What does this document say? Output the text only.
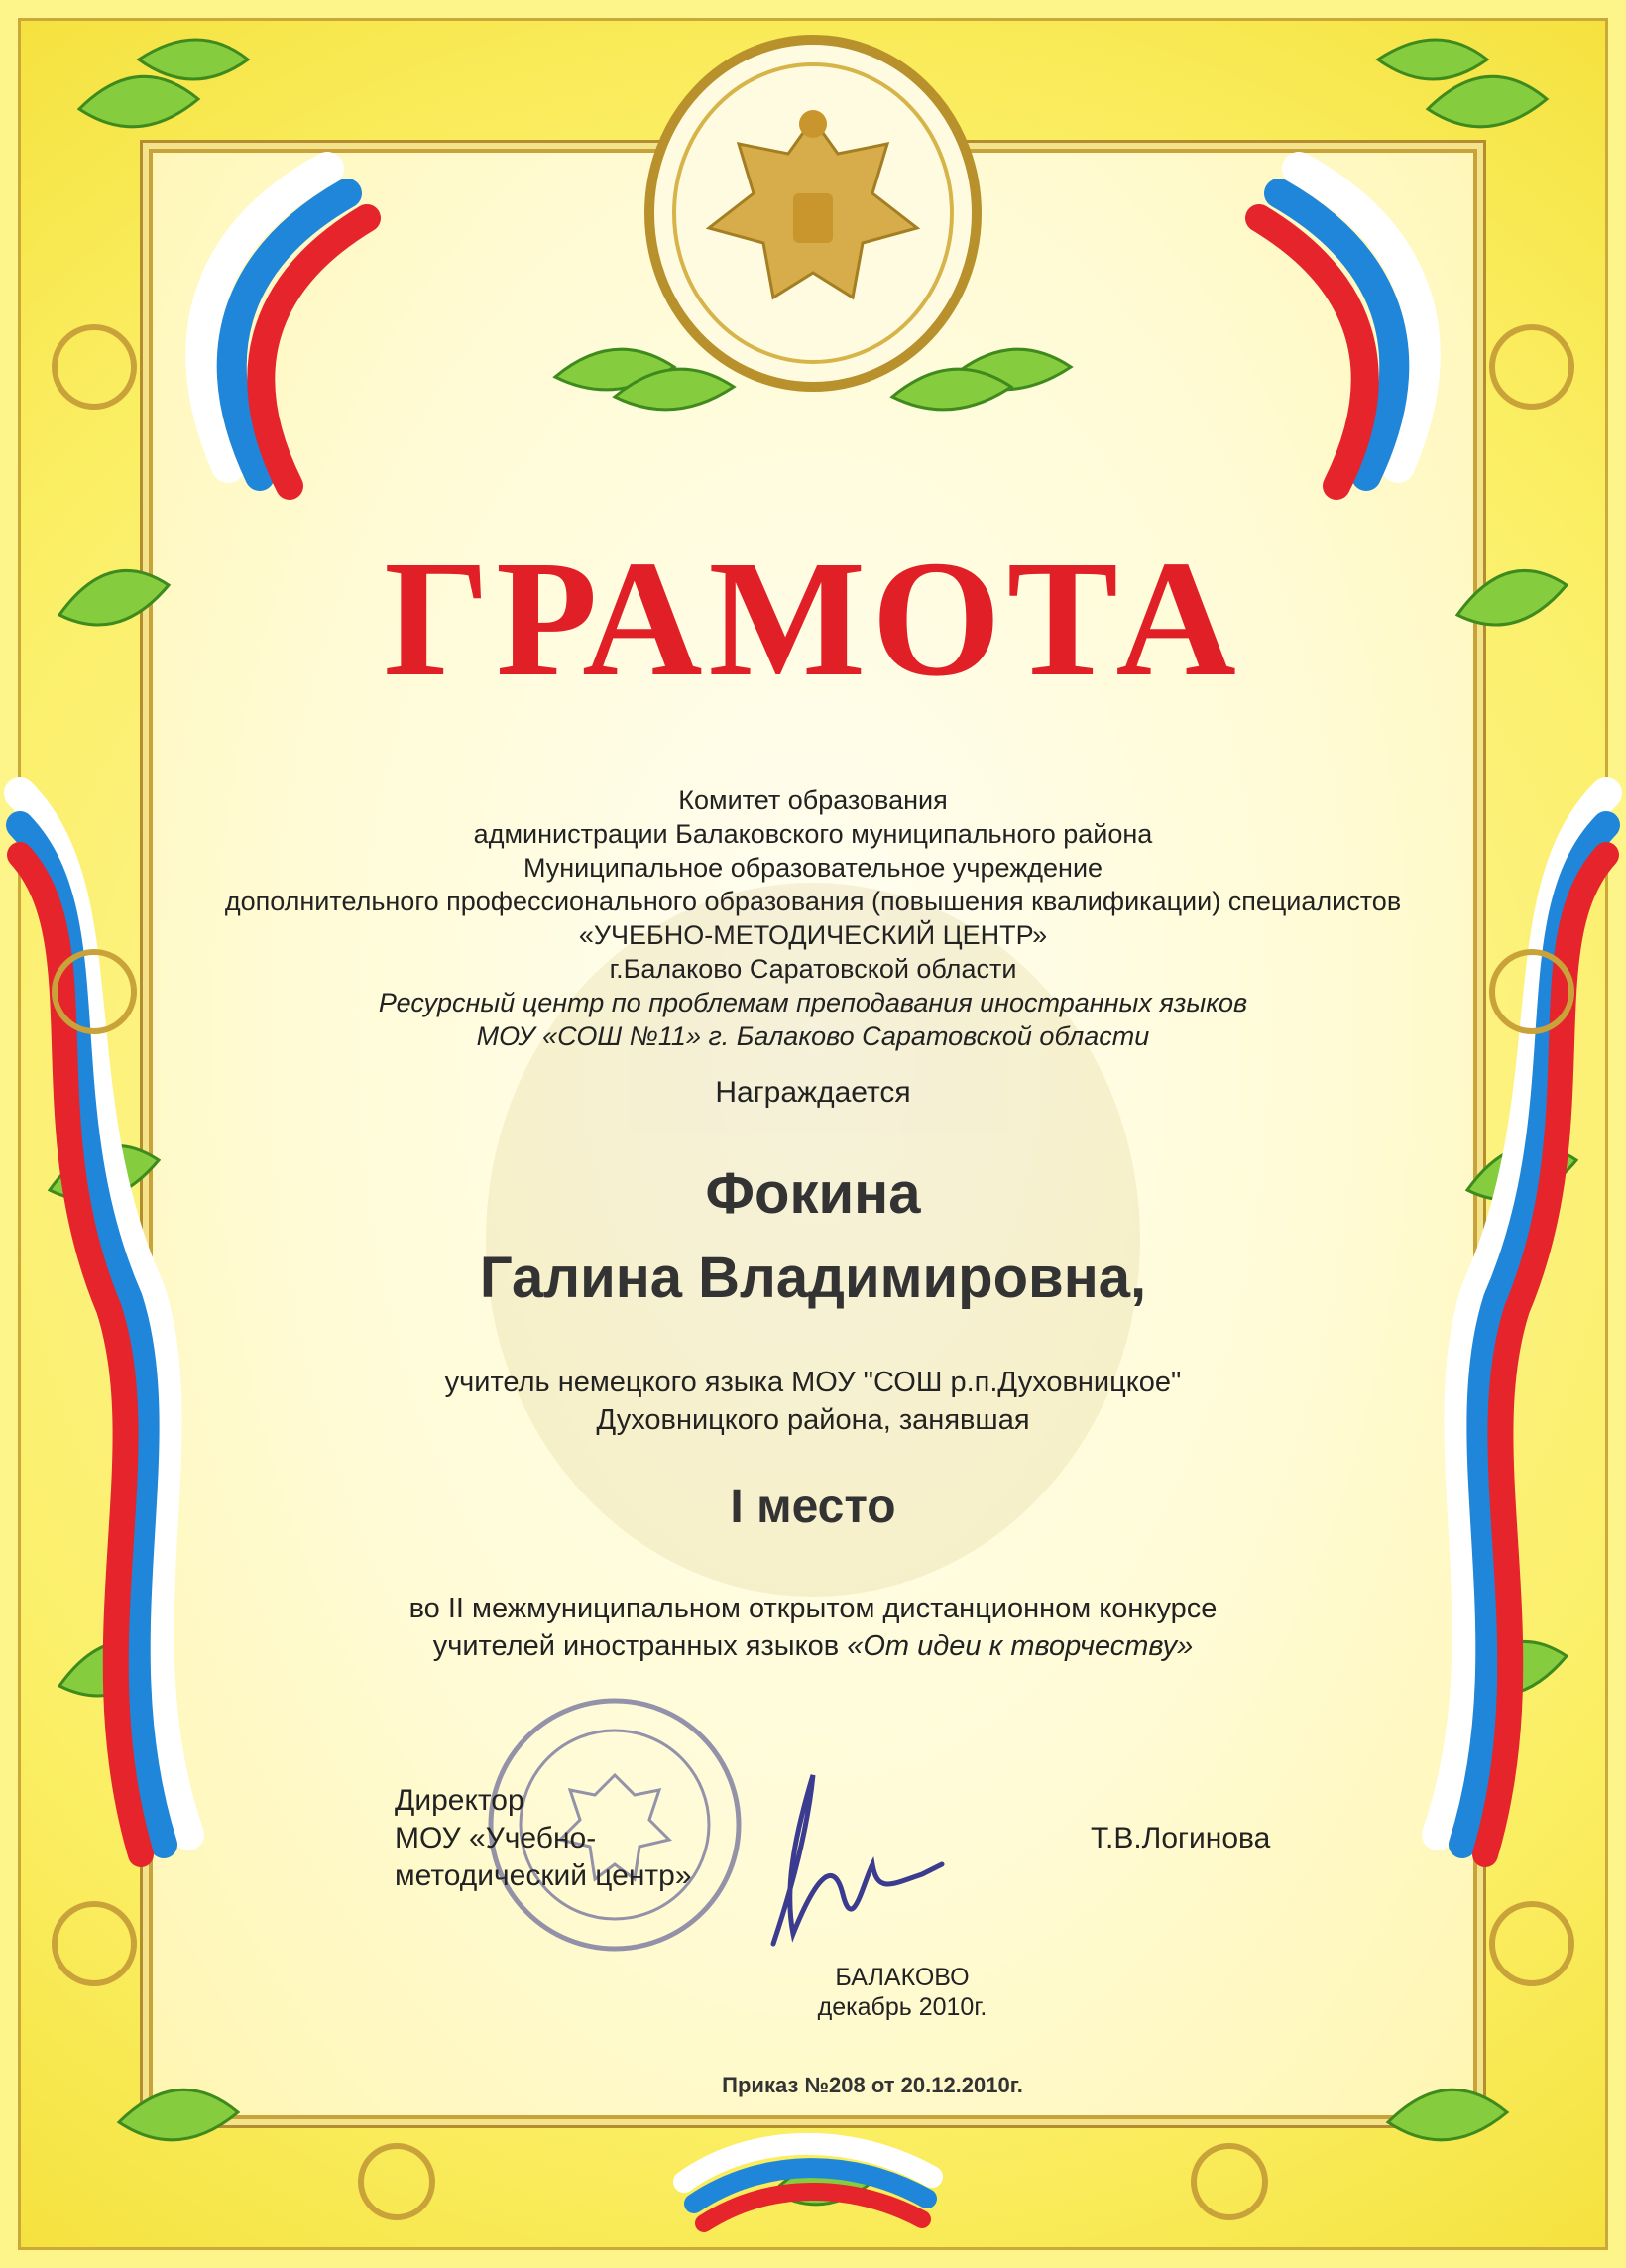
ГРАМОТА
Комитет образования
администрации Балаковского муниципального района
Муниципальное образовательное учреждение
дополнительного профессионального образования (повышения квалификации) специалистов
«УЧЕБНО-МЕТОДИЧЕСКИЙ ЦЕНТР»
г.Балаково Саратовской области
Ресурсный центр по проблемам преподавания иностранных языков
МОУ «СОШ №11» г. Балаково Саратовской области
Награждается
Фокина
Галина Владимировна,
учитель немецкого языка МОУ "СОШ р.п.Духовницкое"
Духовницкого района, занявшая
I место
во II межмуниципальном открытом дистанционном конкурсе
учителей иностранных языков «От идеи к творчеству»
Директор
МОУ «Учебно-
методический центр»
Т.В.Логинова
БАЛАКОВО
декабрь 2010г.
Приказ №208 от 20.12.2010г.
